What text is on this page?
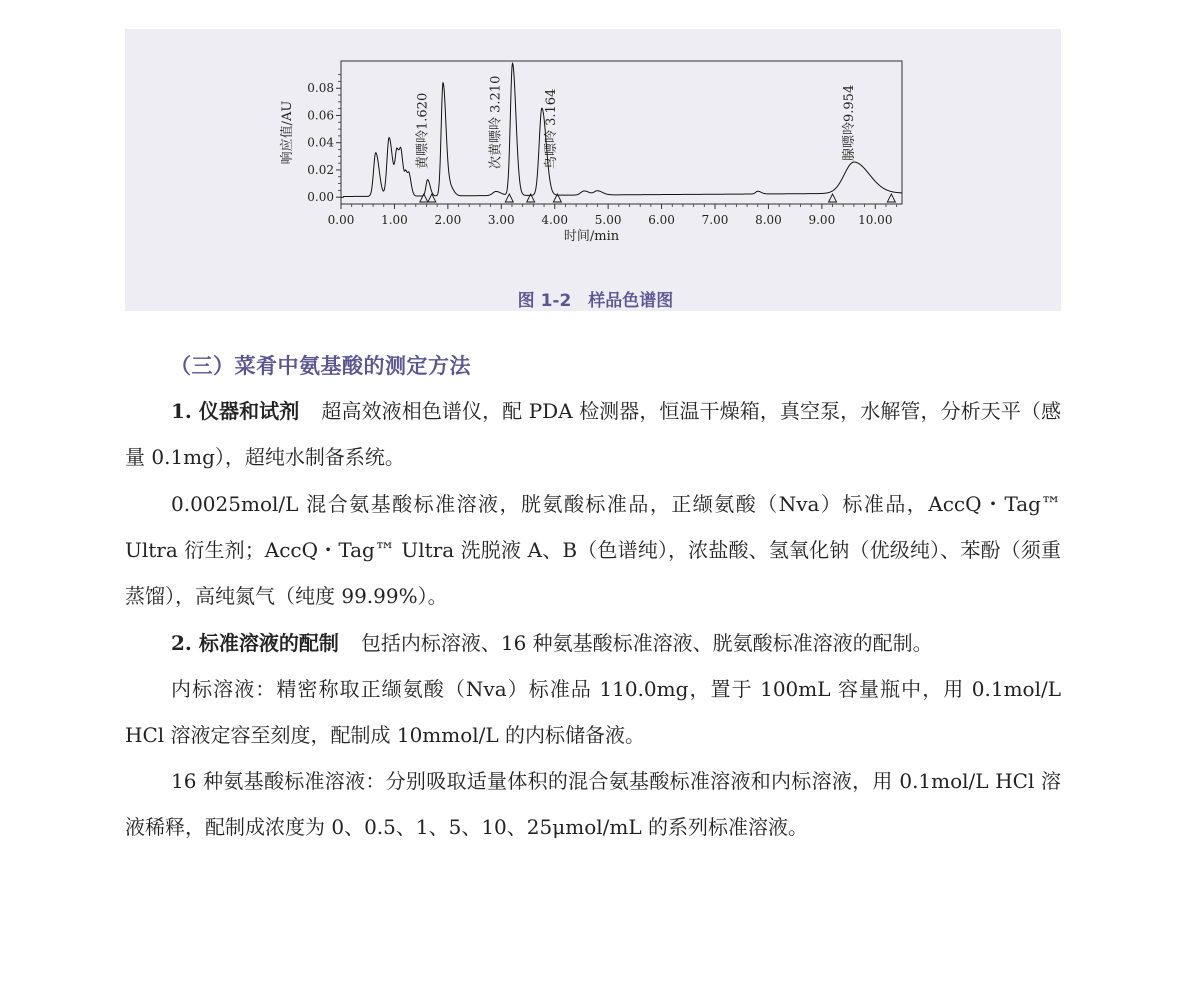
0.00 1.00 2.00 3.00 4.00 5.00 6.00 7.00 8.00 9.00 10.00
0.00
0.02
0.04
0.06
0.08
时间/min
响应值/AU	黄嘌呤1.620	次黄嘌呤 3.210	鸟嘌呤 3.164	腺嘌呤9.954
图 1-2　样品色谱图
（三）菜肴中氨基酸的测定方法

1. 仪器和试剂 超高效液相色谱仪，配 PDA 检测器，恒温干燥箱，真空泵，水解管，分析天平（感量 0.1mg），超纯水制备系统。

0.0025mol/L 混合氨基酸标准溶液，胱氨酸标准品，正缬氨酸（Nva）标准品，AccQ・Tag™ Ultra 衍生剂；AccQ・Tag™ Ultra 洗脱液 A、B（色谱纯），浓盐酸、氢氧化钠（优级纯）、苯酚（须重蒸馏），高纯氮气（纯度 99.99%）。

2. 标准溶液的配制 包括内标溶液、16 种氨基酸标准溶液、胱氨酸标准溶液的配制。

内标溶液：精密称取正缬氨酸（Nva）标准品 110.0mg，置于 100mL 容量瓶中，用 0.1mol/L HCl 溶液定容至刻度，配制成 10mmol/L 的内标储备液。

16 种氨基酸标准溶液：分别吸取适量体积的混合氨基酸标准溶液和内标溶液，用 0.1mol/L HCl 溶液稀释，配制成浓度为 0、0.5、1、5、10、25μmol/mL 的系列标准溶液。
